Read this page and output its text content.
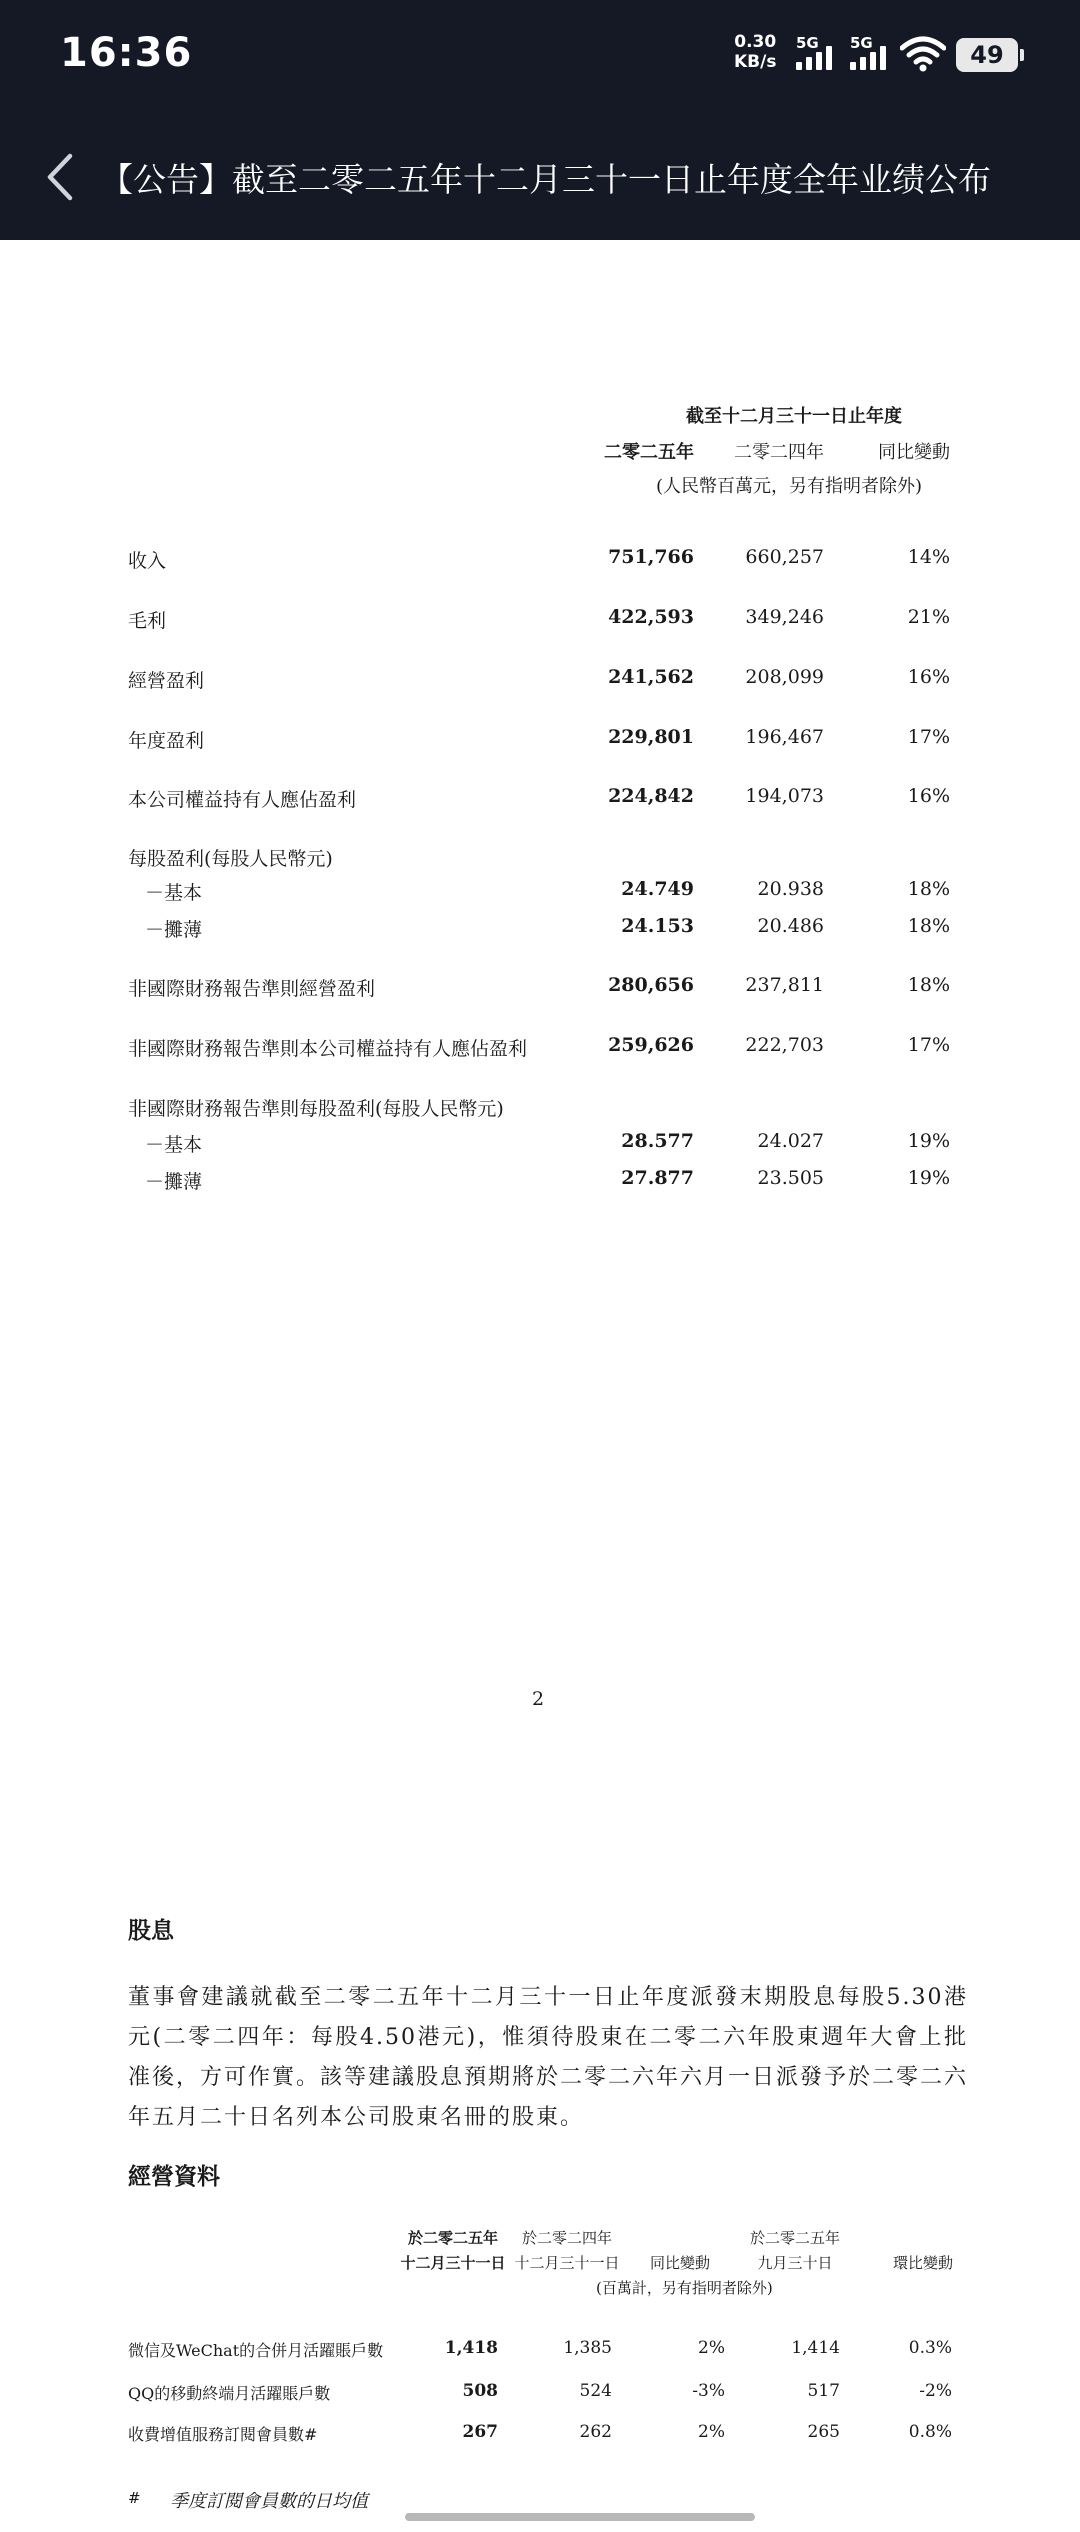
16:36	0.30
KB/s
5G 5G	49
【公告】截至二零二五年十二月三十一日止年度全年业绩公布
截至十二月三十一日止年度
二零二五年 二零二四年	同比變動
(人民幣百萬元，另有指明者除外)
收入	751,766	660,257	14%
毛利	422,593	349,246	21%
經營盈利	241,562	208,099	16%
年度盈利	229,801	196,467	17%
本公司權益持有人應佔盈利	224,842	194,073	16%
每股盈利(每股人民幣元)
－基本	24.749	20.938	18%
－攤薄	24.153	20.486	18%
非國際財務報告準則經營盈利	280,656	237,811	18%
非國際財務報告準則本公司權益持有人應佔盈利	259,626	222,703	17%
非國際財務報告準則每股盈利(每股人民幣元)
－基本	28.577	24.027	19%
－攤薄	27.877	23.505	19%
2
股息
董事會建議就截至二零二五年十二月三十一日止年度派發末期股息每股5.30港元(二零二四年：每股4.50港元)，惟須待股東在二零二六年股東週年大會上批准後，方可作實。該等建議股息預期將於二零二六年六月一日派發予於二零二六年五月二十日名列本公司股東名冊的股東。
經營資料
於二零二五年
十二月三十一日
於二零二四年
十二月三十一日 同比變動
於二零二五年
九月三十日	環比變動
(百萬計，另有指明者除外)
微信及WeChat的合併月活躍賬戶數	1,418	1,385	2%	1,414	0.3%
QQ的移動終端月活躍賬戶數	508	524	-3%	517	-2%
收費增值服務訂閱會員數#	267	262	2%	265	0.8%
# 季度訂閱會員數的日均值
